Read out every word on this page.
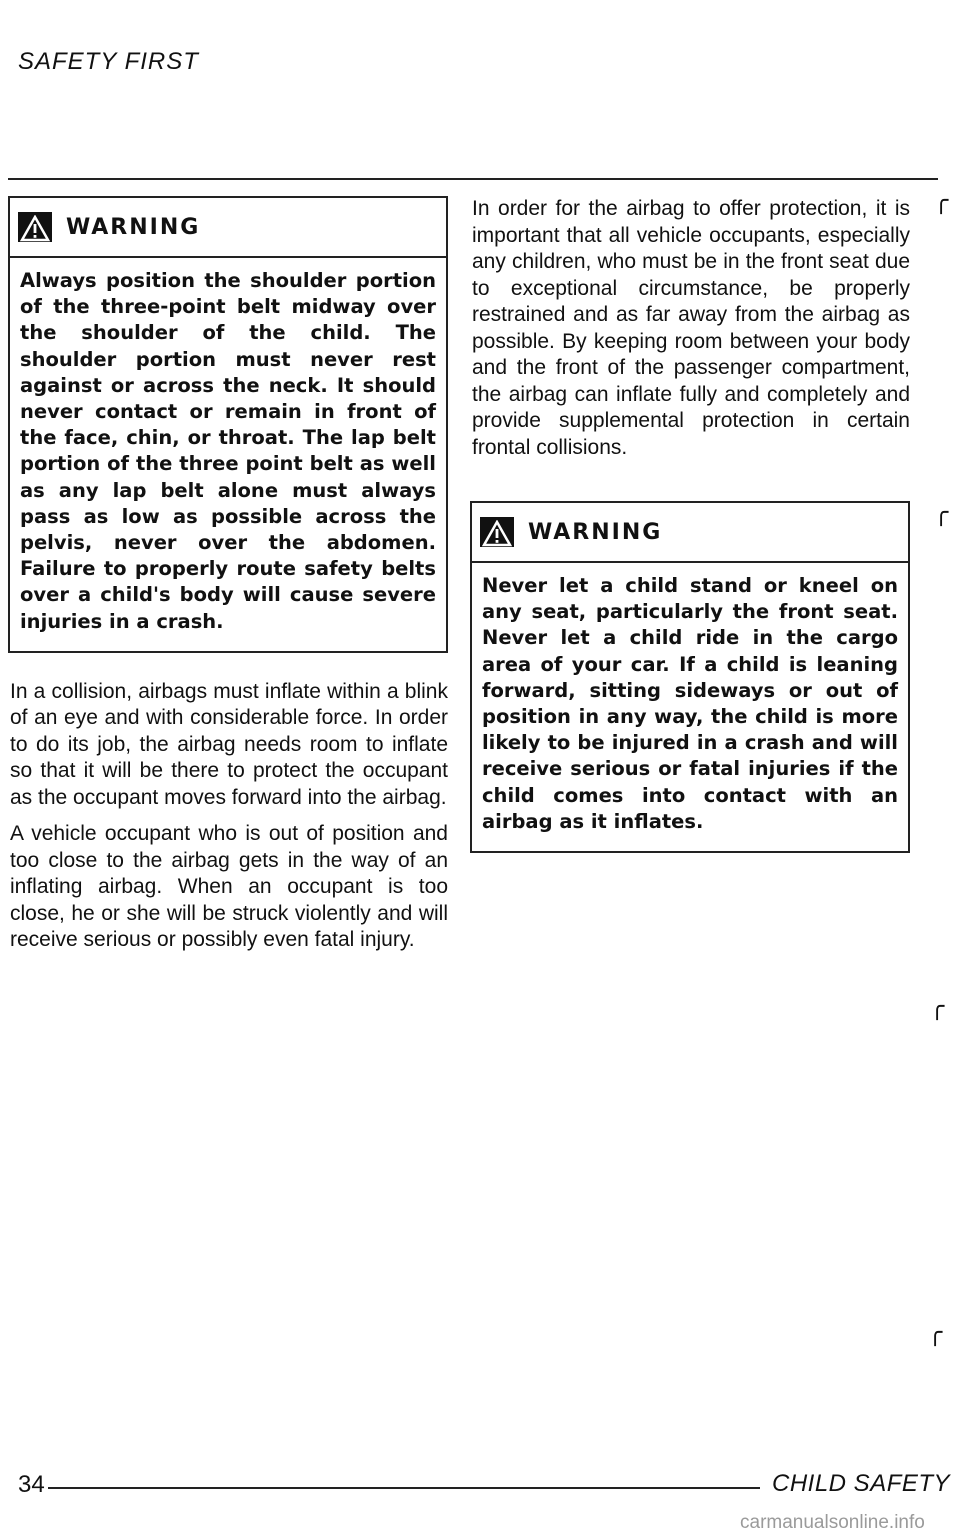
SAFETY FIRST
WARNING

Always position the shoulder portion of the three-point belt midway over the shoulder of the child. The shoulder portion must never rest against or across the neck. It should never contact or remain in front of the face, chin, or throat. The lap belt portion of the three point belt as well as any lap belt alone must always pass as low as possible across the pelvis, never over the abdomen. Failure to properly route safety belts over a child's body will cause severe injuries in a crash.

In a collision, airbags must inflate within a blink of an eye and with considerable force. In order to do its job, the airbag needs room to inflate so that it will be there to protect the occupant as the occupant moves forward into the airbag.

A vehicle occupant who is out of position and too close to the airbag gets in the way of an inflating airbag. When an occupant is too close, he or she will be struck violently and will receive serious or possibly even fatal injury.

In order for the airbag to offer protection, it is important that all vehicle occupants, especially any children, who must be in the front seat due to exceptional circumstance, be properly restrained and as far away from the airbag as possible. By keeping room between your body and the front of the passenger compartment, the airbag can inflate fully and completely and provide supplemental protection in certain frontal collisions.

WARNING

Never let a child stand or kneel on any seat, particularly the front seat. Never let a child ride in the cargo area of your car. If a child is leaning forward, sitting sideways or out of position in any way, the child is more likely to be injured in a crash and will receive serious or fatal injuries if the child comes into contact with an airbag as it inflates.

╭
╭
╭
╭
34	CHILD SAFETY
carmanualsonline.info
